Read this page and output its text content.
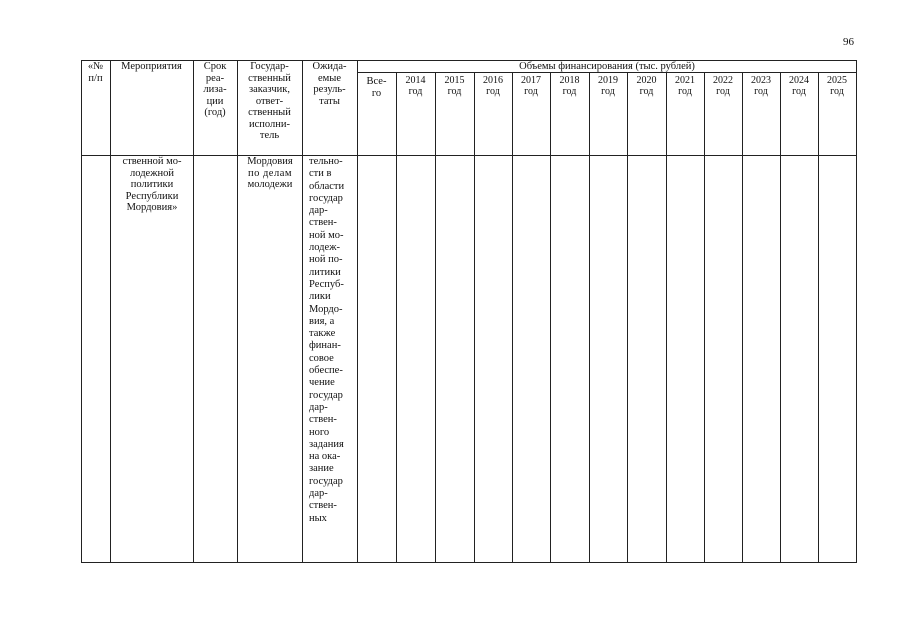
96
«№
п/п
Мероприятия	Срок
реа-
лиза-
ции
(год)
Государ-
ственный
заказчик,
ответ-
ственный
исполни-
тель
Ожида-
емые
резуль-
таты
Объемы финансирования (тыс. рублей)
Все-
го
2014
год
2015
год
2016
год
2017
год
2018
год
2019
год
2020
год
2021
год
2022
год
2023
год
2024
год
2025
год
ственной мо-
лодежной
политики
Республики
Мордовия»
Мордовия
по делам
молодежи
тельно-
сти в
области
государ
дар-
ствен-
ной мо-
лодеж-
ной по-
литики
Респуб-
лики
Мордо-
вия, а
также
финан-
совое
обеспе-
чение
государ
дар-
ствен-
ного
задания
на ока-
зание
государ
дар-
ствен-
ных
